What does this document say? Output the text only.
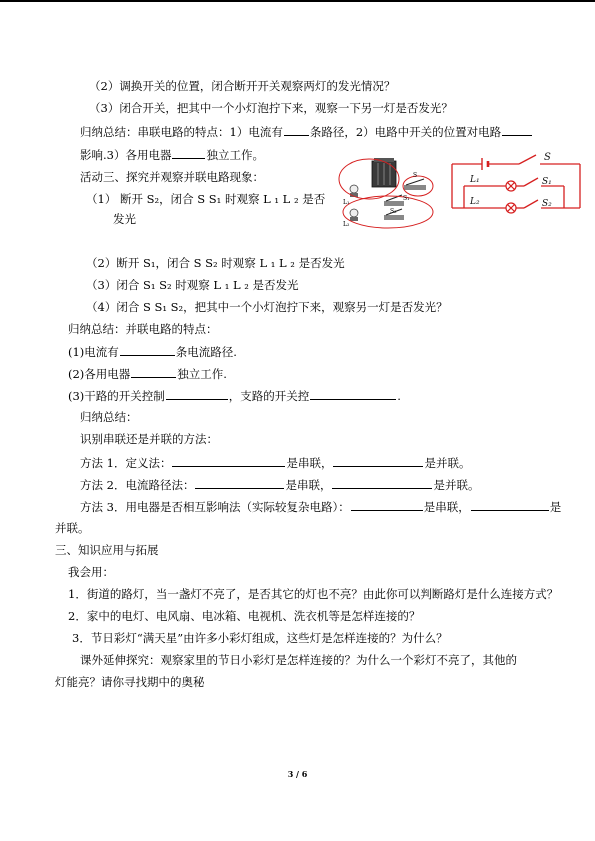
（2）调换开关的位置，闭合断开开关观察两灯的发光情况？
（3）闭合开关，把其中一个小灯泡拧下来，观察一下另一灯是否发光？
归纳总结：串联电路的特点：1）电流有 条路径，2）电路中开关的位置对电路
影响.3）各用电器	独立工作。
活动三、探究并观察并联电路现象：
（1） 断开 S₂，闭合 S S₁ 时观察 L ₁ L ₂ 是否
发光
L₁
L₂
S
S₁
S₂
S
S₁
S₂
L₁
L₂
（2）断开 S₁，闭合 S S₂ 时观察 L ₁ L ₂ 是否发光
（3）闭合 S₁ S₂ 时观察 L ₁ L ₂ 是否发光
（4）闭合 S S₁ S₂，把其中一个小灯泡拧下来，观察另一灯是否发光？
归纳总结：并联电路的特点：
(1)电流有	条电流路径.
(2)各用电器	独立工作.
(3)干路的开关控制	，支路的开关控	.
归纳总结：
识别串联还是并联的方法：
方法 1．定义法：	是串联，	是并联。
方法 2．电流路径法：	是串联，	是并联。
方法 3．用电器是否相互影响法（实际较复杂电路）：	是串联，	是
并联。
三、知识应用与拓展
我会用：
1．街道的路灯，当一盏灯不亮了，是否其它的灯也不亮？由此你可以判断路灯是什么连接方式？
2．家中的电灯、电风扇、电冰箱、电视机、洗衣机等是怎样连接的？
3．节日彩灯“满天星”由许多小彩灯组成，这些灯是怎样连接的？为什么？
课外延伸探究：观察家里的节日小彩灯是怎样连接的？为什么一个彩灯不亮了，其他的
灯能亮？请你寻找期中的奥秘
3 / 6
